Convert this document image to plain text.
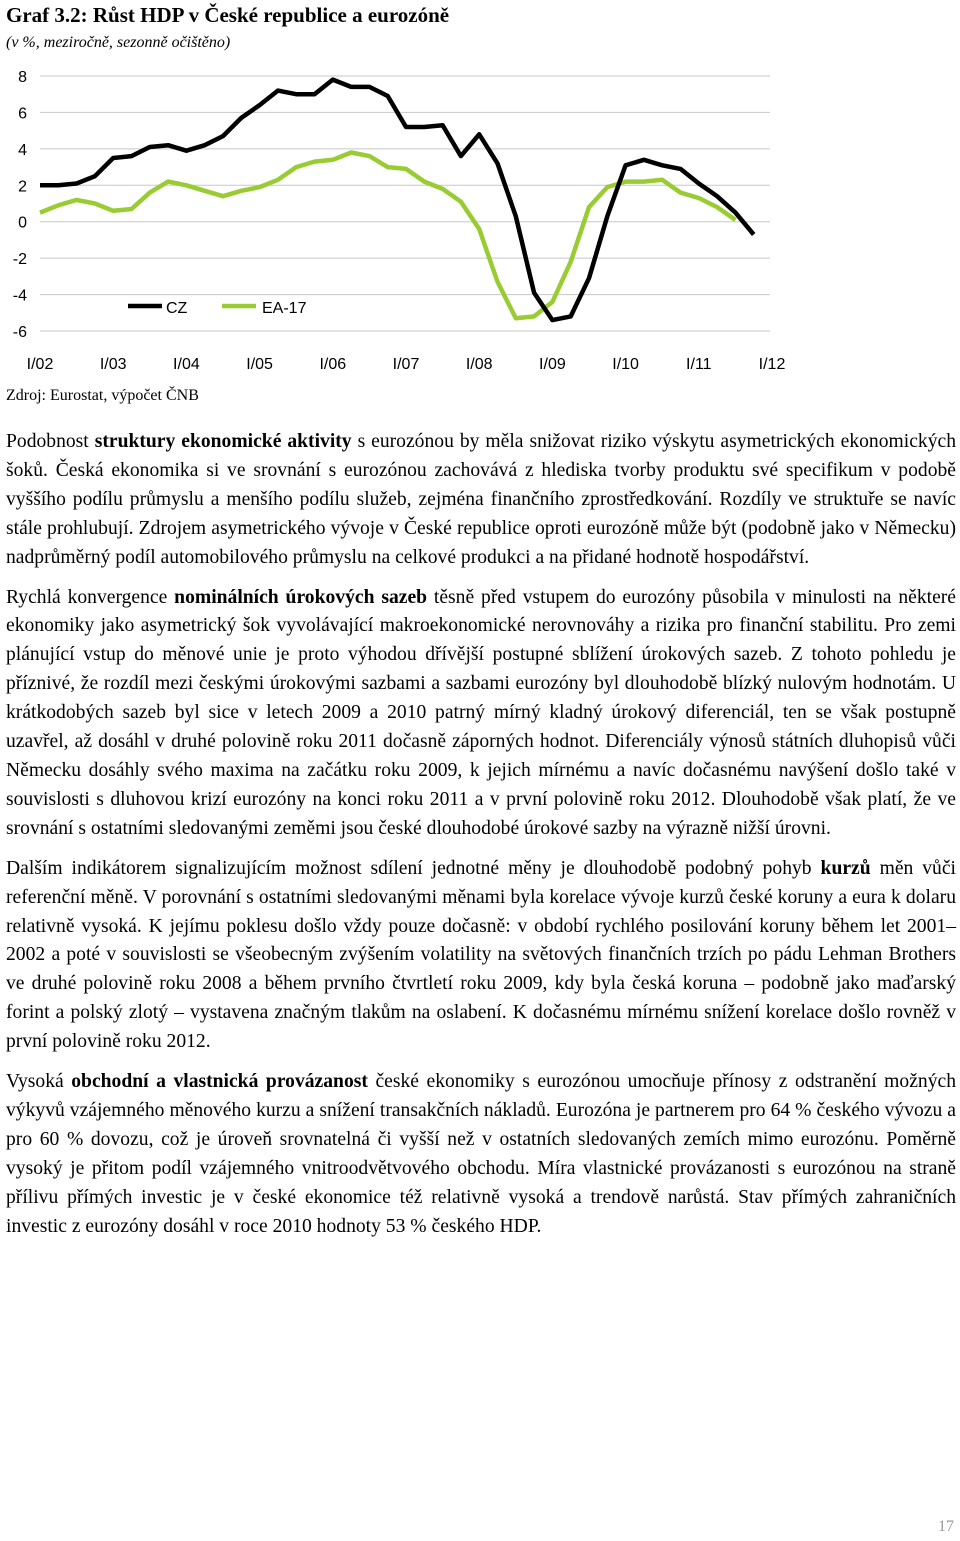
Graf 3.2: Růst HDP v České republice a eurozóně
(v %, meziročně, sezonně očištěno)
8
6
4
2
0
-2
-4
-6
I/02	I/03	I/04	I/05	I/06	I/07	I/08	I/09	I/10	I/11	I/12
CZ	EA-17
Zdroj: Eurostat, výpočet ČNB

Podobnost struktury ekonomické aktivity s eurozónou by měla snižovat riziko výskytu asymetrických ekonomických šoků. Česká ekonomika si ve srovnání s eurozónou zachovává z hlediska tvorby produktu své specifikum v podobě vyššího podílu průmyslu a menšího podílu služeb, zejména finančního zprostředkování. Rozdíly ve struktuře se navíc stále prohlubují. Zdrojem asymetrického vývoje v České republice oproti eurozóně může být (podobně jako v Německu) nadprůměrný podíl automobilového průmyslu na celkové produkci a na přidané hodnotě hospodářství.

Rychlá konvergence nominálních úrokových sazeb těsně před vstupem do eurozóny působila v minulosti na některé ekonomiky jako asymetrický šok vyvolávající makroekonomické nerovnováhy a rizika pro finanční stabilitu. Pro zemi plánující vstup do měnové unie je proto výhodou dřívější postupné sblížení úrokových sazeb. Z tohoto pohledu je příznivé, že rozdíl mezi českými úrokovými sazbami a sazbami eurozóny byl dlouhodobě blízký nulovým hodnotám. U krátkodobých sazeb byl sice v letech 2009 a 2010 patrný mírný kladný úrokový diferenciál, ten se však postupně uzavřel, až dosáhl v druhé polovině roku 2011 dočasně záporných hodnot. Diferenciály výnosů státních dluhopisů vůči Německu dosáhly svého maxima na začátku roku 2009, k jejich mírnému a navíc dočasnému navýšení došlo také v souvislosti s dluhovou krizí eurozóny na konci roku 2011 a v první polovině roku 2012. Dlouhodobě však platí, že ve srovnání s ostatními sledovanými zeměmi jsou české dlouhodobé úrokové sazby na výrazně nižší úrovni.

Dalším indikátorem signalizujícím možnost sdílení jednotné měny je dlouhodobě podobný pohyb kurzů měn vůči referenční měně. V porovnání s ostatními sledovanými měnami byla korelace vývoje kurzů české koruny a eura k dolaru relativně vysoká. K jejímu poklesu došlo vždy pouze dočasně: v období rychlého posilování koruny během let 2001–2002 a poté v souvislosti se všeobecným zvýšením volatility na světových finančních trzích po pádu Lehman Brothers ve druhé polovině roku 2008 a během prvního čtvrtletí roku 2009, kdy byla česká koruna – podobně jako maďarský forint a polský zlotý – vystavena značným tlakům na oslabení. K dočasnému mírnému snížení korelace došlo rovněž v první polovině roku 2012.

Vysoká obchodní a vlastnická provázanost české ekonomiky s eurozónou umocňuje přínosy z odstranění možných výkyvů vzájemného měnového kurzu a snížení transakčních nákladů. Eurozóna je partnerem pro 64 % českého vývozu a pro 60 % dovozu, což je úroveň srovnatelná či vyšší než v ostatních sledovaných zemích mimo eurozónu. Poměrně vysoký je přitom podíl vzájemného vnitroodvětvového obchodu. Míra vlastnické provázanosti s eurozónou na straně přílivu přímých investic je v české ekonomice též relativně vysoká a trendově narůstá. Stav přímých zahraničních investic z eurozóny dosáhl v roce 2010 hodnoty 53 % českého HDP.

17
